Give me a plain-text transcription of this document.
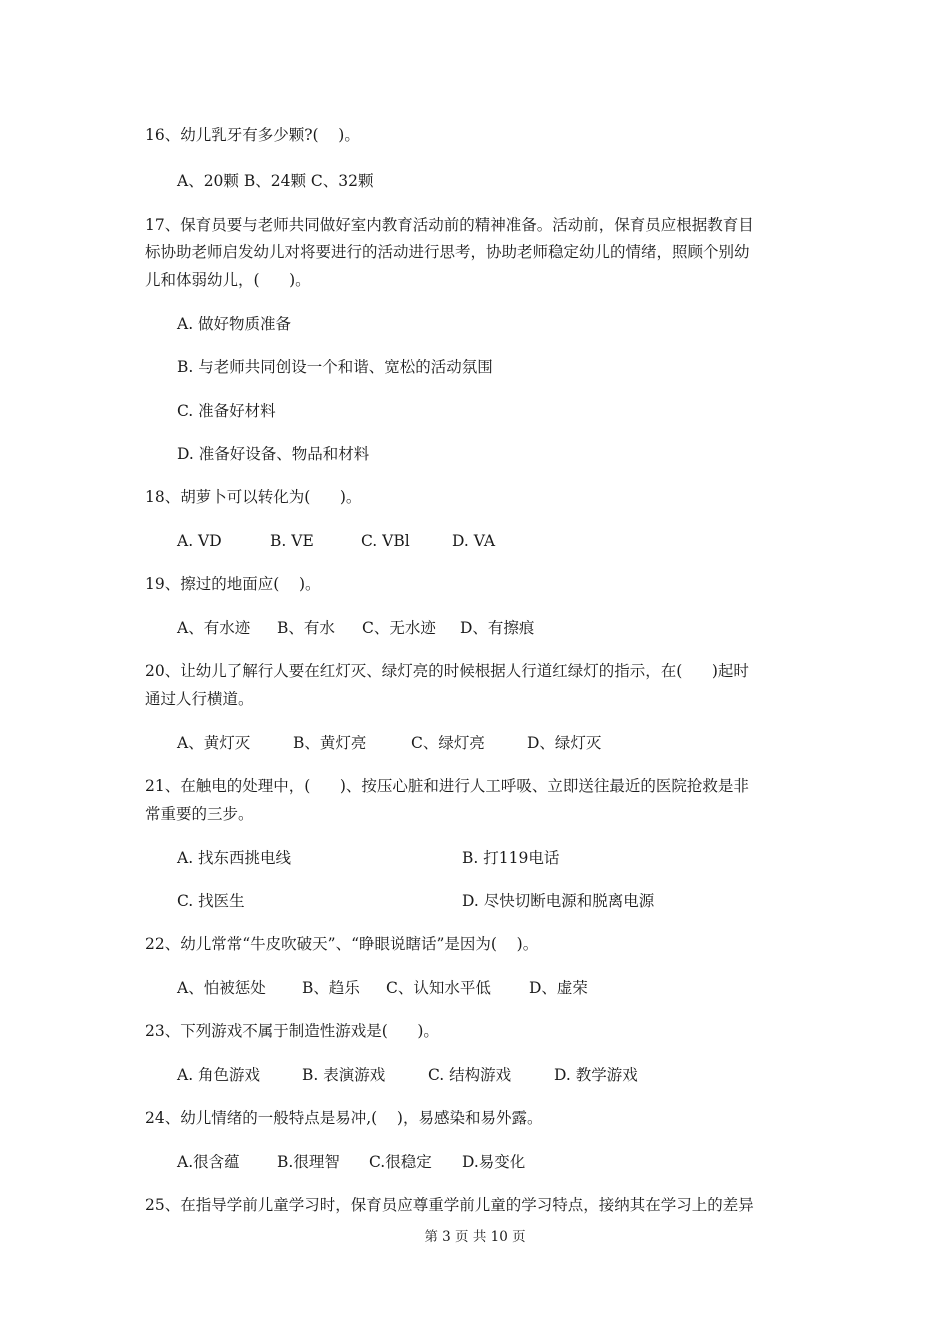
16、幼儿乳牙有多少颗?(    )。
A、20颗 B、24颗 C、32颗
17、保育员要与老师共同做好室内教育活动前的精神准备。活动前，保育员应根据教育目
标协助老师启发幼儿对将要进行的活动进行思考，协助老师稳定幼儿的情绪，照顾个别幼
儿和体弱幼儿，(      )。
A. 做好物质准备
B. 与老师共同创设一个和谐、宽松的活动氛围
C. 准备好材料
D. 准备好设备、物品和材料
18、胡萝卜可以转化为(      )。

A. VD

	B. VE

	C. VBl

	D. VA

19、擦过的地面应(    )。

A、有水迹

B、有水

C、无水迹

D、有擦痕

20、让幼儿了解行人要在红灯灭、绿灯亮的时候根据人行道红绿灯的指示，在(      )起时
通过人行横道。

A、黄灯灭

	B、黄灯亮

	C、绿灯亮

	D、绿灯灭

21、在触电的处理中，(      )、按压心脏和进行人工呼吸、立即送往最近的医院抢救是非
常重要的三步。

A. 找东西挑电线

	B. 打119电话

C. 找医生

	D. 尽快切断电源和脱离电源

22、幼儿常常“牛皮吹破天”、“睁眼说瞎话”是因为(    )。

A、怕被惩处

B、趋乐

C、认知水平低

D、虚荣

23、下列游戏不属于制造性游戏是(      )。

A. 角色游戏

	B. 表演游戏

	C. 结构游戏

	D. 教学游戏

24、幼儿情绪的一般特点是易冲,(    )，易感染和易外露。

A.很含蕴

B.很理智

C.很稳定

D.易变化

25、在指导学前儿童学习时，保育员应尊重学前儿童的学习特点，接纳其在学习上的差异
第 3 页 共 10 页
